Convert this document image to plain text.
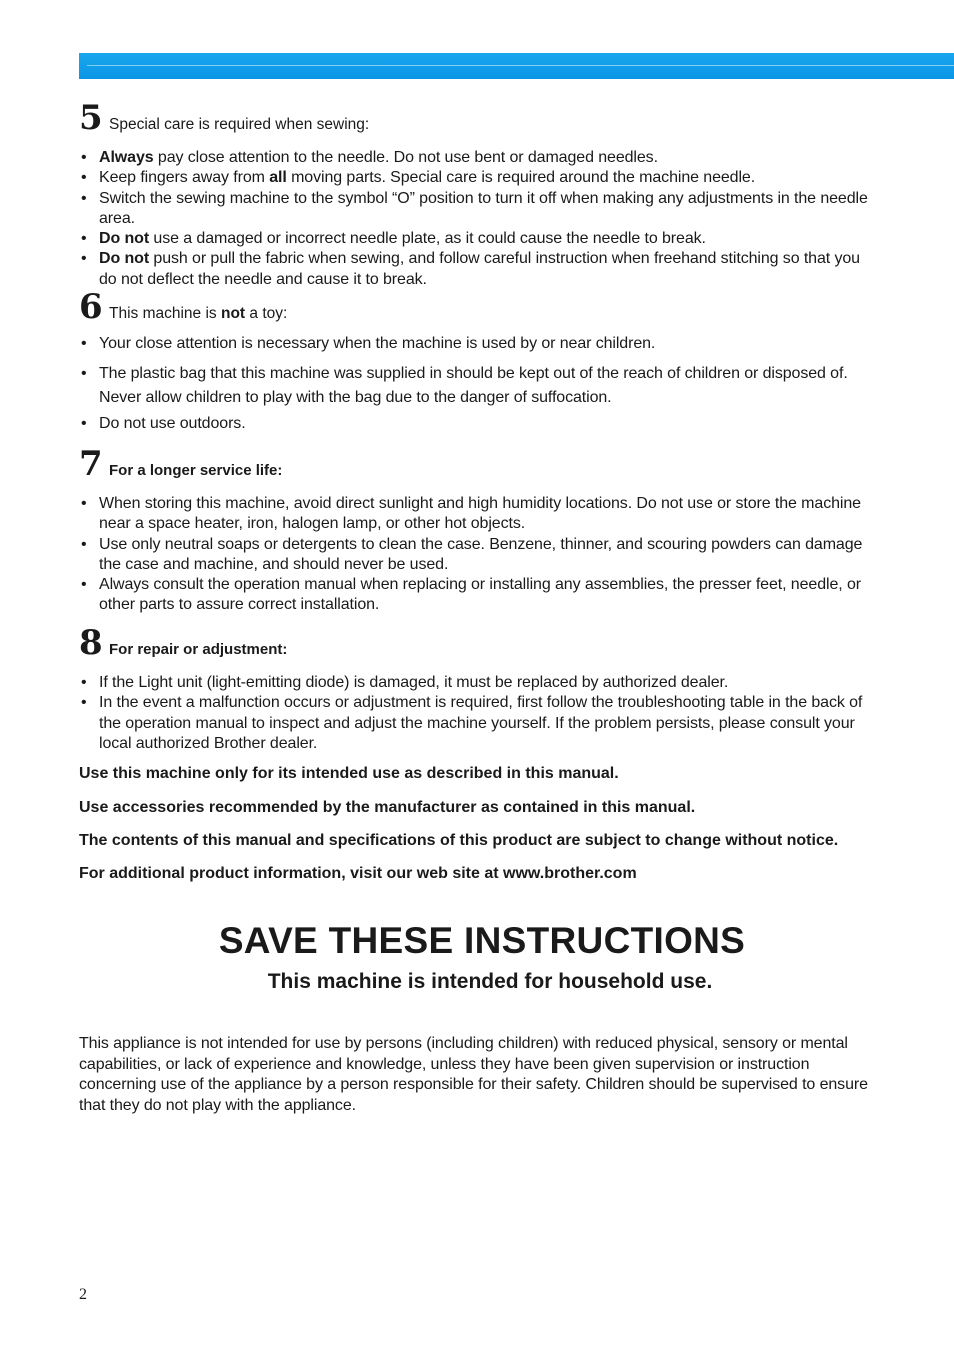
5 Special care is required when sewing:
• Always pay close attention to the needle. Do not use bent or damaged needles.
• Keep fingers away from all moving parts. Special care is required around the machine needle.
• Switch the sewing machine to the symbol “O” position to turn it off when making any adjustments in the needle area.
• Do not use a damaged or incorrect needle plate, as it could cause the needle to break.
• Do not push or pull the fabric when sewing, and follow careful instruction when freehand stitching so that you do not deflect the needle and cause it to break.
6 This machine is not a toy:
• Your close attention is necessary when the machine is used by or near children.
• The plastic bag that this machine was supplied in should be kept out of the reach of children or disposed of. Never allow children to play with the bag due to the danger of suffocation.
• Do not use outdoors.
7 For a longer service life:
• When storing this machine, avoid direct sunlight and high humidity locations. Do not use or store the machine near a space heater, iron, halogen lamp, or other hot objects.
• Use only neutral soaps or detergents to clean the case. Benzene, thinner, and scouring powders can damage the case and machine, and should never be used.
• Always consult the operation manual when replacing or installing any assemblies, the presser feet, needle, or other parts to assure correct installation.
8 For repair or adjustment:
• If the Light unit (light-emitting diode) is damaged, it must be replaced by authorized dealer.
• In the event a malfunction occurs or adjustment is required, first follow the troubleshooting table in the back of the operation manual to inspect and adjust the machine yourself. If the problem persists, please consult your local authorized Brother dealer.
Use this machine only for its intended use as described in this manual.
Use accessories recommended by the manufacturer as contained in this manual.
The contents of this manual and specifications of this product are subject to change without notice.
For additional product information, visit our web site at www.brother.com
SAVE THESE INSTRUCTIONS
This machine is intended for household use.
This appliance is not intended for use by persons (including children) with reduced physical, sensory or mental capabilities, or lack of experience and knowledge, unless they have been given supervision or instruction concerning use of the appliance by a person responsible for their safety. Children should be supervised to ensure that they do not play with the appliance.
2
